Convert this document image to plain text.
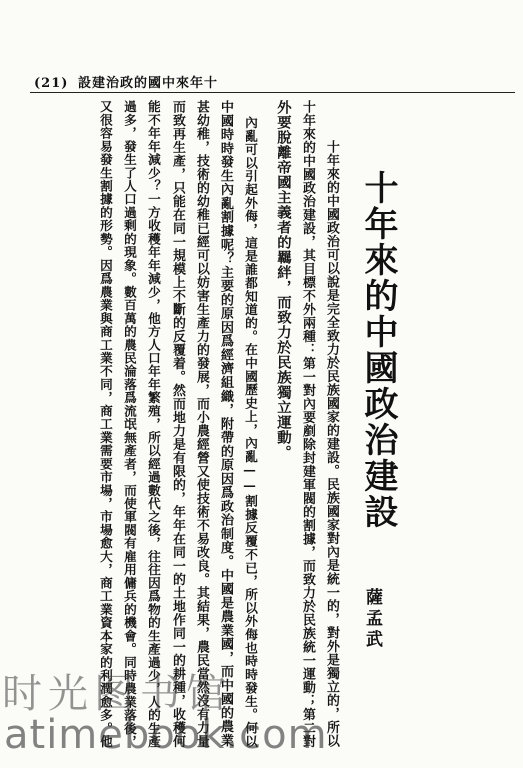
(21) 設建治政的國中來年十
十年來的中國政治建設
十年來的中國政治可以說是完全致力於民族國家的建設。民族國家對內是統一的，對外是獨立的，所以
十年來的中國政治建設，其目標不外兩種：第一對內要剷除封建軍閥的割據，而致力於民族統一運動；第二對
外要脫離帝國主義者的羈絆，而致力於民族獨立運動。
內亂可以引起外侮，這是誰都知道的。在中國歷史上，內亂——割據反覆不已，所以外侮也時時發生。何以
中國時時發生內亂割據呢？主要的原因爲經濟組織，附帶的原因爲政治制度。中國是農業國，而中國的農業
甚幼稚，技術的幼稚已經可以妨害生產力的發展，而小農經營又使技術不易改良。其結果，農民當然沒有力量
而致再生產，只能在同一規模上不斷的反覆着。然而地力是有限的，年年在同一的土地作同一的耕種，收穫何
能不年年減少？一方收穫年年減少，他方人口年年繁殖，所以經過數代之後，往往因爲物的生產過少，人的生產
過多，發生了人口過剩的現象。數百萬的農民淪落爲流氓無產者，而使軍閥有雇用傭兵的機會。同時農業落後，
又很容易發生割據的形勢。因爲農業與商工業不同，商工業需要市場，市場愈大，商工業資本家的利潤愈多。他	薩孟武
时光图书馆
atimebook.com
